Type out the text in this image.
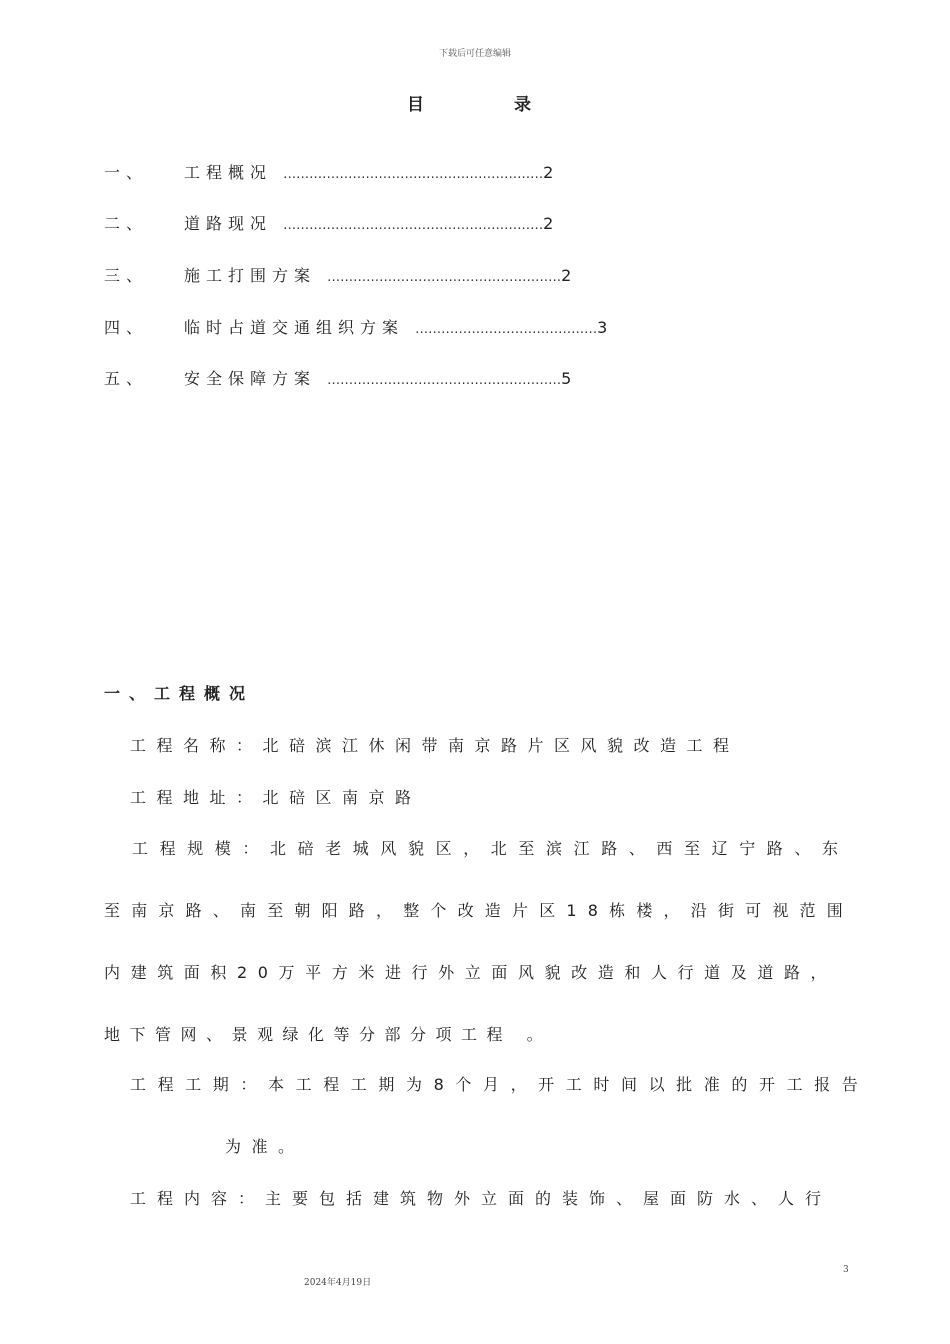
下载后可任意编辑
目录
一、 工程概况 ……………………………………………………2
二、 道路现况 ……………………………………………………2
三、 施工打围方案 ………………………………………………2
四、 临时占道交通组织方案 ……………………………………3
五、 安全保障方案 ………………………………………………5
一、工程概况
工程名称：北碚滨江休闲带南京路片区风貌改造工程
工程地址：北碚区南京路
工程规模：北碚老城风貌区，北至滨江路、西至辽宁路、东
至南京路、南至朝阳路，整个改造片区18栋楼，沿街可视范围
内建筑面积20万平方米进行外立面风貌改造和人行道及道路，
地下管网、景观绿化等分部分项工程 。
工程工期：本工程工期为8个月，开工时间以批准的开工报告
为准。
工程内容：主要包括建筑物外立面的装饰、屋面防水、人行
3
2024年4月19日
